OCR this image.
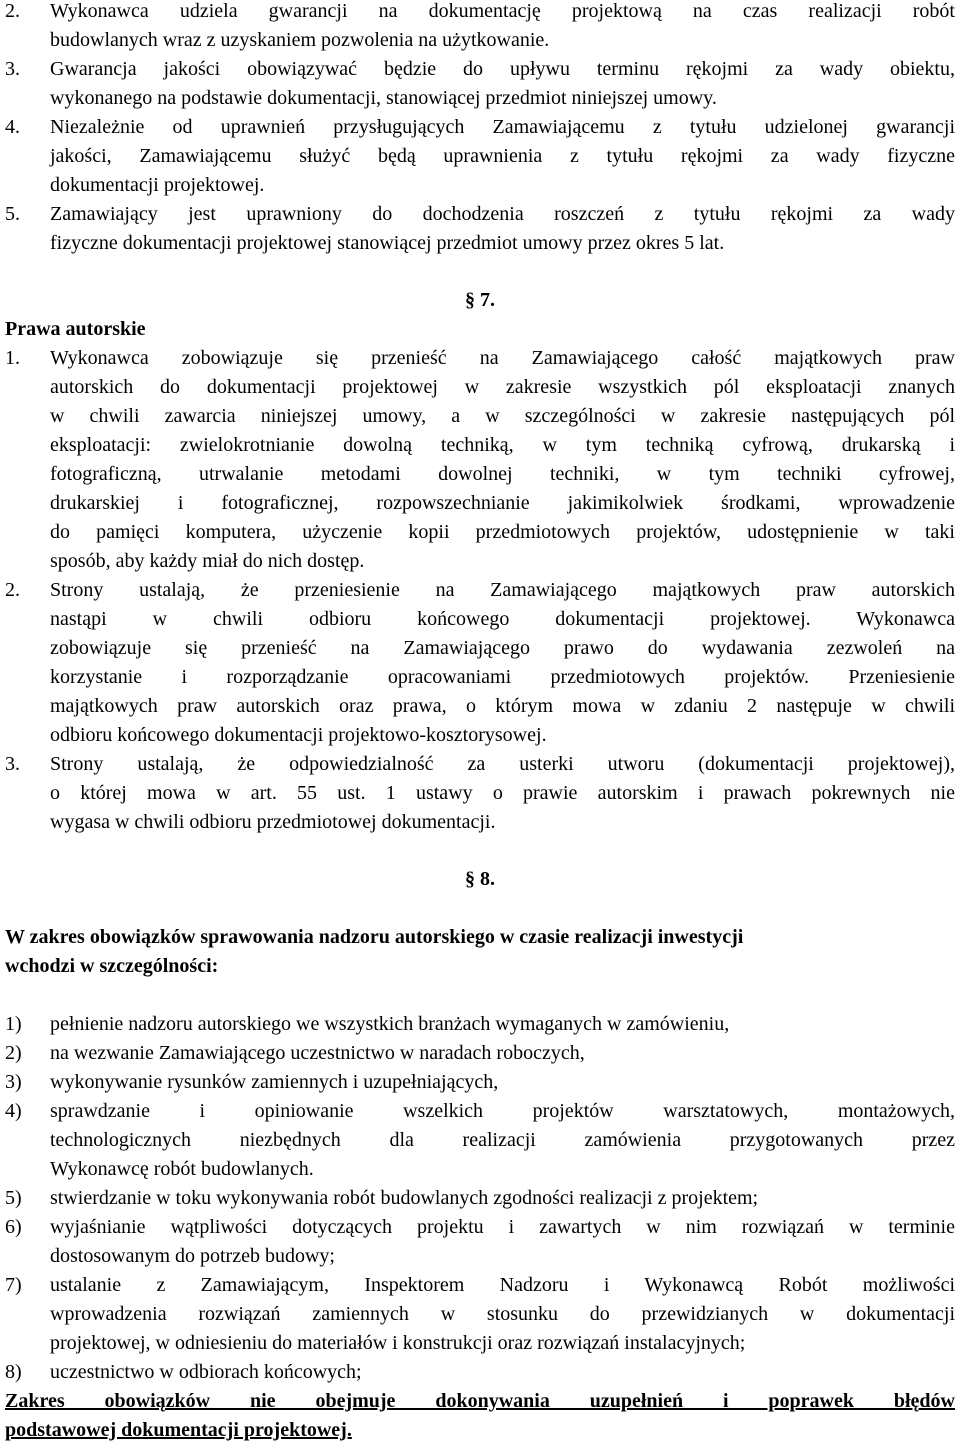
2. Wykonawca udziela gwarancji na dokumentację projektową na czas realizacji robót
budowlanych wraz z uzyskaniem pozwolenia na użytkowanie.
3. Gwarancja jakości obowiązywać będzie do upływu terminu rękojmi za wady obiektu,
wykonanego na podstawie dokumentacji, stanowiącej przedmiot niniejszej umowy.
4. Niezależnie od uprawnień przysługujących Zamawiającemu z tytułu udzielonej gwarancji
jakości, Zamawiającemu służyć będą uprawnienia z tytułu rękojmi za wady fizyczne
dokumentacji projektowej.
5. Zamawiający jest uprawniony do dochodzenia roszczeń z tytułu rękojmi za wady
fizyczne dokumentacji projektowej stanowiącej przedmiot umowy przez okres 5 lat.
§ 7.
Prawa autorskie
1. Wykonawca zobowiązuje się przenieść na Zamawiającego całość majątkowych praw
autorskich do dokumentacji projektowej w zakresie wszystkich pól eksploatacji znanych
w chwili zawarcia niniejszej umowy, a w szczególności w zakresie następujących pól
eksploatacji: zwielokrotnianie dowolną techniką, w tym techniką cyfrową, drukarską i
fotograficzną, utrwalanie metodami dowolnej techniki, w tym techniki cyfrowej,
drukarskiej i fotograficznej, rozpowszechnianie jakimikolwiek środkami, wprowadzenie
do pamięci komputera, użyczenie kopii przedmiotowych projektów, udostępnienie w taki
sposób, aby każdy miał do nich dostęp.
2. Strony ustalają, że przeniesienie na Zamawiającego majątkowych praw autorskich
nastąpi w chwili odbioru końcowego dokumentacji projektowej. Wykonawca
zobowiązuje się przenieść na Zamawiającego prawo do wydawania zezwoleń na
korzystanie i rozporządzanie opracowaniami przedmiotowych projektów. Przeniesienie
majątkowych praw autorskich oraz prawa, o którym mowa w zdaniu 2 następuje w chwili
odbioru końcowego dokumentacji projektowo-kosztorysowej.
3. Strony ustalają, że odpowiedzialność za usterki utworu (dokumentacji projektowej),
o której mowa w art. 55 ust. 1 ustawy o prawie autorskim i prawach pokrewnych nie
wygasa w chwili odbioru przedmiotowej dokumentacji.
§ 8.
W zakres obowiązków sprawowania nadzoru autorskiego w czasie realizacji inwestycji
wchodzi w szczególności:
1) pełnienie nadzoru autorskiego we wszystkich branżach wymaganych w zamówieniu,
2) na wezwanie Zamawiającego uczestnictwo w naradach roboczych,
3) wykonywanie rysunków zamiennych i uzupełniających,
4) sprawdzanie i opiniowanie wszelkich projektów warsztatowych, montażowych,
technologicznych niezbędnych dla realizacji zamówienia przygotowanych przez
Wykonawcę robót budowlanych.
5) stwierdzanie w toku wykonywania robót budowlanych zgodności realizacji z projektem;
6) wyjaśnianie wątpliwości dotyczących projektu i zawartych w nim rozwiązań w terminie
dostosowanym do potrzeb budowy;
7) ustalanie z Zamawiającym, Inspektorem Nadzoru i Wykonawcą Robót możliwości
wprowadzenia rozwiązań zamiennych w stosunku do przewidzianych w dokumentacji
projektowej, w odniesieniu do materiałów i konstrukcji oraz rozwiązań instalacyjnych;
8) uczestnictwo w odbiorach końcowych;
Zakres obowiązków nie obejmuje dokonywania uzupełnień i poprawek błędów
podstawowej dokumentacji projektowej.
